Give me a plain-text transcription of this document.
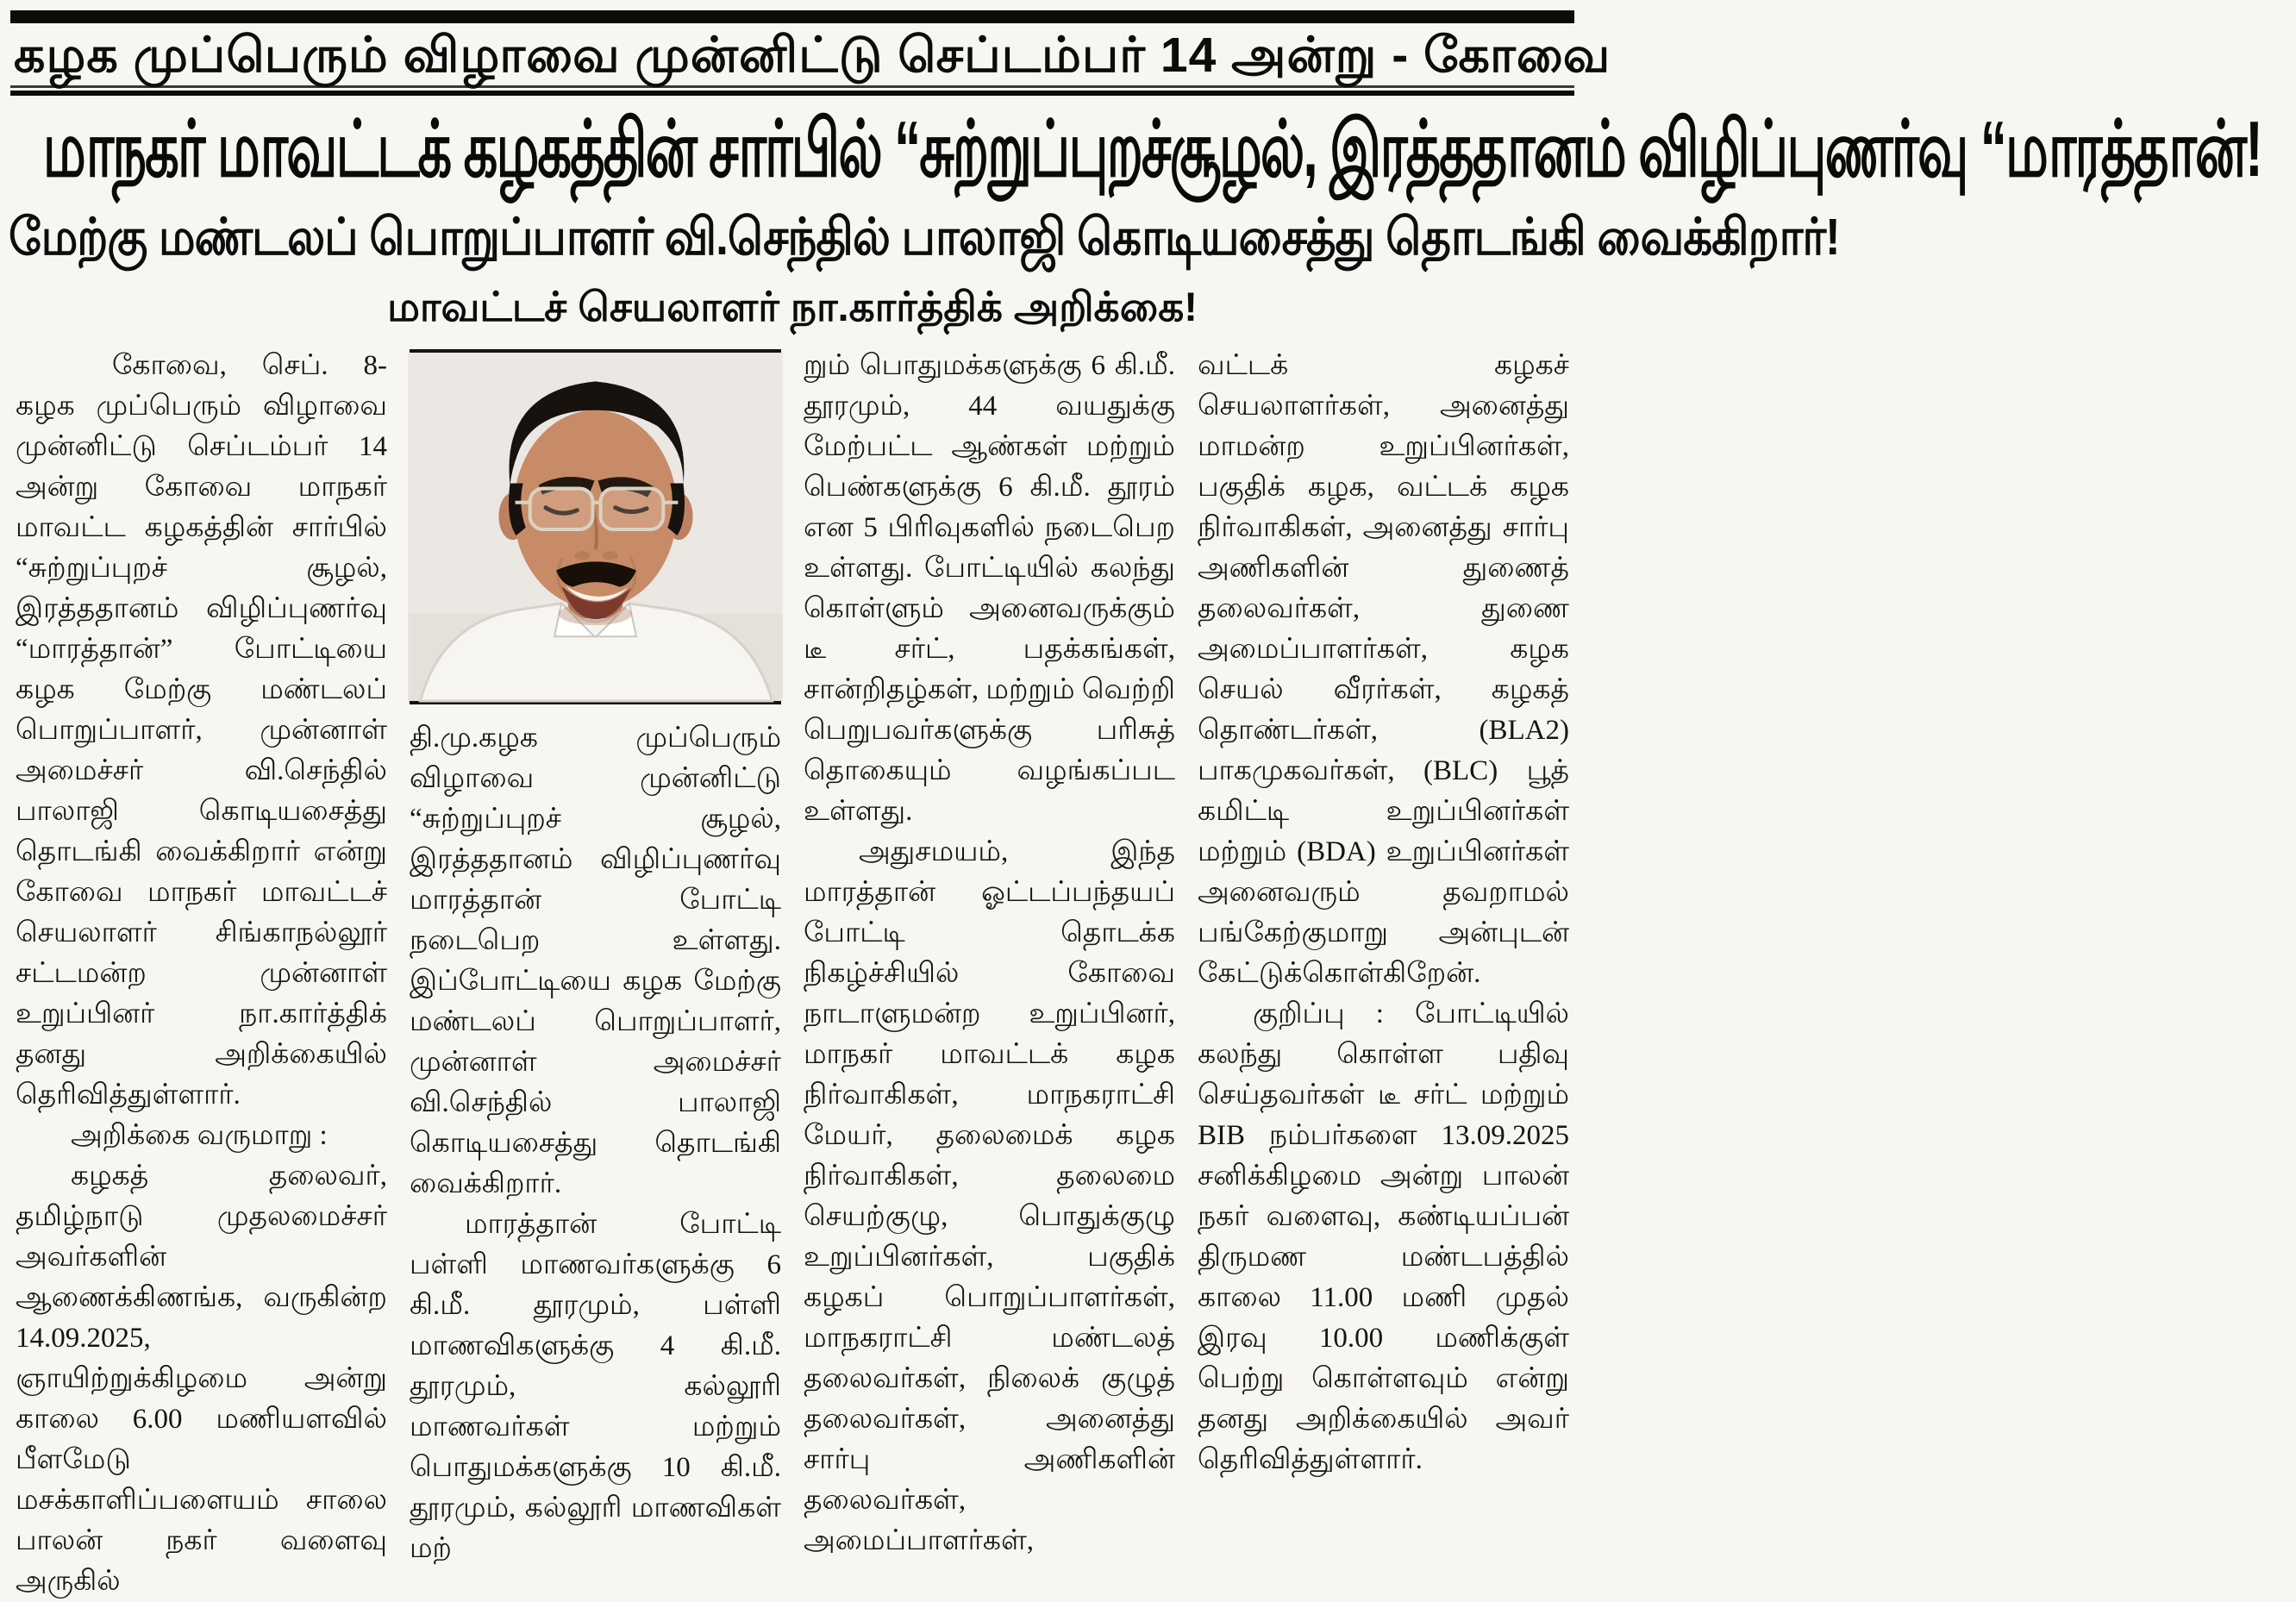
கழக முப்பெரும் விழாவை முன்னிட்டு செப்டம்பர் 14 அன்று - கோவை
மாநகர் மாவட்டக் கழகத்தின் சார்பில் “சுற்றுப்புறச்சூழல், இரத்ததானம் விழிப்புணர்வு “மாரத்தான்!
மேற்கு மண்டலப் பொறுப்பாளர் வி.செந்தில் பாலாஜி கொடியசைத்து தொடங்கி வைக்கிறார்!
மாவட்டச் செயலாளர் நா.கார்த்திக் அறிக்கை!

கோவை, செப். 8- கழக முப்பெரும் விழாவை முன்னிட்டு செப்டம்பர் 14 அன்று கோவை மாநகர் மாவட்ட கழகத்தின் சார்பில் “சுற்றுப்புறச் சூழல், இரத்ததானம் விழிப்புணர்வு “மாரத்தான்” போட்டியை கழக மேற்கு மண்டலப் பொறுப்பாளர், முன்னாள் அமைச்சர் வி.செந்தில் பாலாஜி கொடியசைத்து தொடங்கி வைக்கிறார் என்று கோவை மாநகர் மாவட்டச் செயலாளர் சிங்காநல்லூர் சட்டமன்ற முன்னாள் உறுப்பினர் நா.கார்த்திக் தனது அறிக்கையில் தெரிவித்துள்ளார்.

அறிக்கை வருமாறு :

கழகத் தலைவர், தமிழ்நாடு முதலமைச்சர் அவர்களின் ஆணைக்கிணங்க, வருகின்ற 14.09.2025, ஞாயிற்றுக்கிழமை அன்று காலை 6.00 மணியளவில் பீளமேடு மசக்காளிப்பளையம் சாலை பாலன் நகர் வளைவு அருகில்

தி.மு.கழக முப்பெரும் விழாவை முன்னிட்டு “சுற்றுப்புறச் சூழல், இரத்ததானம் விழிப்புணர்வு மாரத்தான் போட்டி நடைபெற உள்ளது. இப்போட்டியை கழக மேற்கு மண்டலப் பொறுப்பாளர், முன்னாள் அமைச்சர் வி.செந்தில் பாலாஜி கொடியசைத்து தொடங்கி வைக்கிறார்.

மாரத்தான் போட்டி பள்ளி மாணவர்களுக்கு 6 கி.மீ. தூரமும், பள்ளி மாணவிகளுக்கு 4 கி.மீ. தூரமும், கல்லூரி மாணவர்கள் மற்றும் பொதுமக்களுக்கு 10 கி.மீ. தூரமும், கல்லூரி மாணவிகள் மற்

றும் பொதுமக்களுக்கு 6 கி.மீ. தூரமும், 44 வயதுக்கு மேற்பட்ட ஆண்கள் மற்றும் பெண்களுக்கு 6 கி.மீ. தூரம் என 5 பிரிவுகளில் நடைபெற உள்ளது. போட்டியில் கலந்து கொள்ளும் அனைவருக்கும் டீ சர்ட், பதக்கங்கள், சான்றிதழ்கள், மற்றும் வெற்றி பெறுபவர்களுக்கு பரிசுத் தொகையும் வழங்கப்பட உள்ளது.

அதுசமயம், இந்த மாரத்தான் ஓட்டப்பந்தயப் போட்டி தொடக்க நிகழ்ச்சியில் கோவை நாடாளுமன்ற உறுப்பினர், மாநகர் மாவட்டக் கழக நிர்வாகிகள், மாநகராட்சி மேயர், தலைமைக் கழக நிர்வாகிகள், தலைமை செயற்குழு, பொதுக்குழு உறுப்பினர்கள், பகுதிக் கழகப் பொறுப்பாளர்கள், மாநகராட்சி மண்டலத் தலைவர்கள், நிலைக் குழுத் தலைவர்கள், அனைத்து சார்பு அணிகளின் தலைவர்கள், அமைப்பாளர்கள்,

வட்டக் கழகச் செயலாளர்கள், அனைத்து மாமன்ற உறுப்பினர்கள், பகுதிக் கழக, வட்டக் கழக நிர்வாகிகள், அனைத்து சார்பு அணிகளின் துணைத் தலைவர்கள், துணை அமைப்பாளர்கள், கழக செயல் வீரர்கள், கழகத் தொண்டர்கள், (BLA2) பாகமுகவர்கள், (BLC) பூத் கமிட்டி உறுப்பினர்கள் மற்றும் (BDA) உறுப்பினர்கள் அனைவரும் தவறாமல் பங்கேற்குமாறு அன்புடன் கேட்டுக்கொள்கிறேன்.

குறிப்பு : போட்டியில் கலந்து கொள்ள பதிவு செய்தவர்கள் டீ சர்ட் மற்றும் BIB நம்பர்களை 13.09.2025 சனிக்கிழமை அன்று பாலன் நகர் வளைவு, கண்டியப்பன் திருமண மண்டபத்தில் காலை 11.00 மணி முதல் இரவு 10.00 மணிக்குள் பெற்று கொள்ளவும் என்று தனது அறிக்கையில் அவர் தெரிவித்துள்ளார்.
